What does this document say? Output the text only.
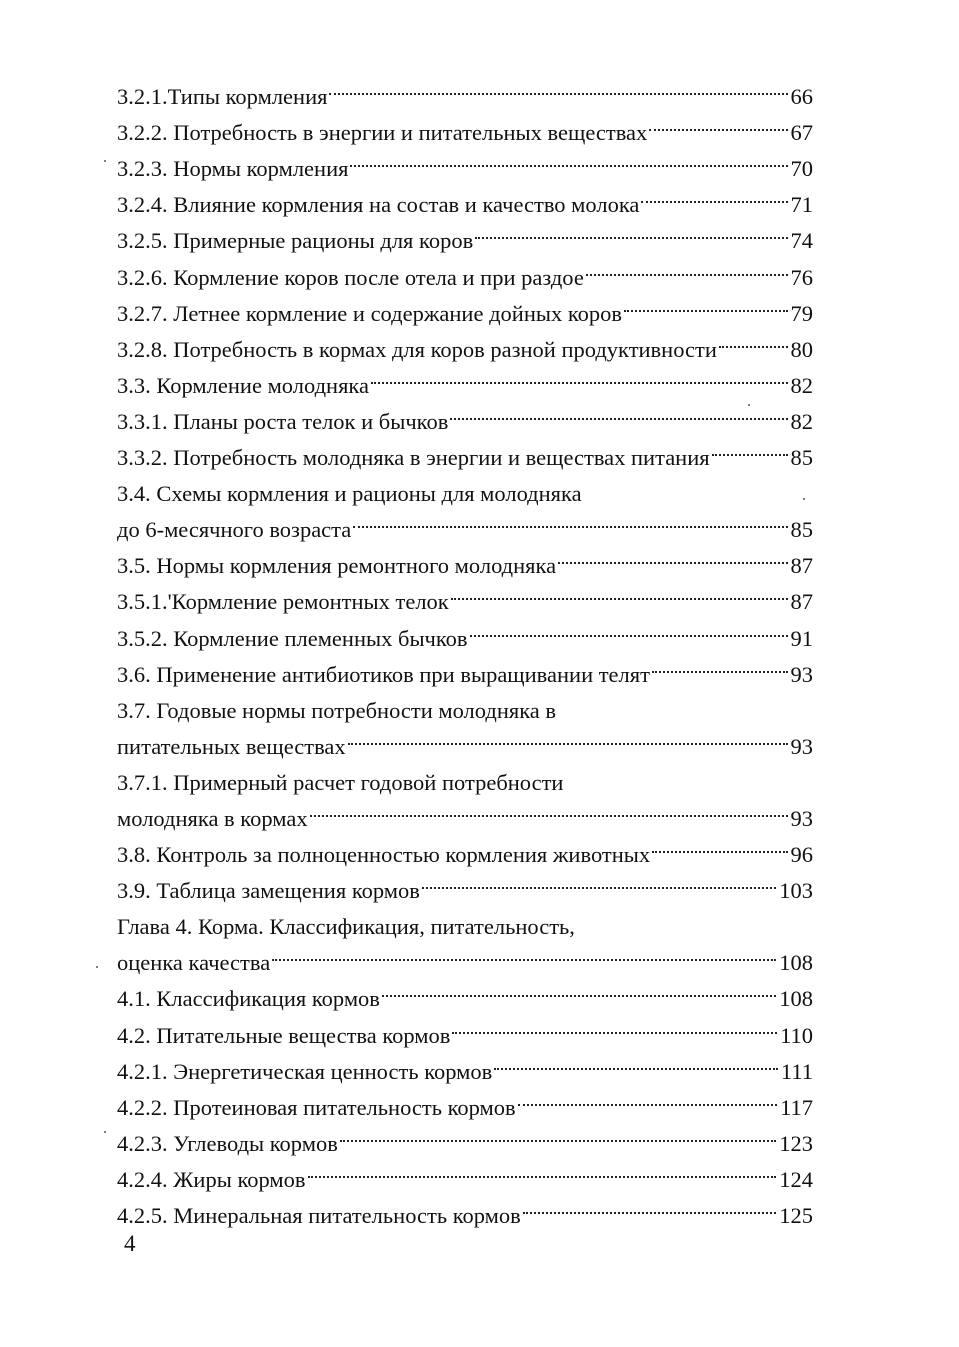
3.2.1.Типы кормления	66
3.2.2. Потребность в энергии и питательных веществах	67
3.2.3. Нормы кормления	70
3.2.4. Влияние кормления на состав и качество молока	71
3.2.5. Примерные рационы для коров	74
3.2.6. Кормление коров после отела и при раздое	76
3.2.7. Летнее кормление и содержание дойных коров	79
3.2.8. Потребность в кормах для коров разной продуктивности	80
3.3. Кормление молодняка	82
3.3.1. Планы роста телок и бычков	82
3.3.2. Потребность молодняка в энергии и веществах питания	85
3.4. Схемы кормления и рационы для молодняка
до 6-месячного возраста	85
3.5. Нормы кормления ремонтного молодняка	87
3.5.1.'Кормление ремонтных телок	87
3.5.2. Кормление племенных бычков	91
3.6. Применение антибиотиков при выращивании телят	93
3.7. Годовые нормы потребности молодняка в
питательных веществах	93
3.7.1. Примерный расчет годовой потребности
молодняка в кормах	93
3.8. Контроль за полноценностью кормления животных	96
3.9. Таблица замещения кормов	103
Глава 4. Корма. Классификация, питательность,
оценка качества	108
4.1. Классификация кормов	108
4.2. Питательные вещества кормов	110
4.2.1. Энергетическая ценность кормов	111
4.2.2. Протеиновая питательность кормов	117
4.2.3. Углеводы кормов	123
4.2.4. Жиры кормов	124
4.2.5. Минеральная питательность кормов	125
4
